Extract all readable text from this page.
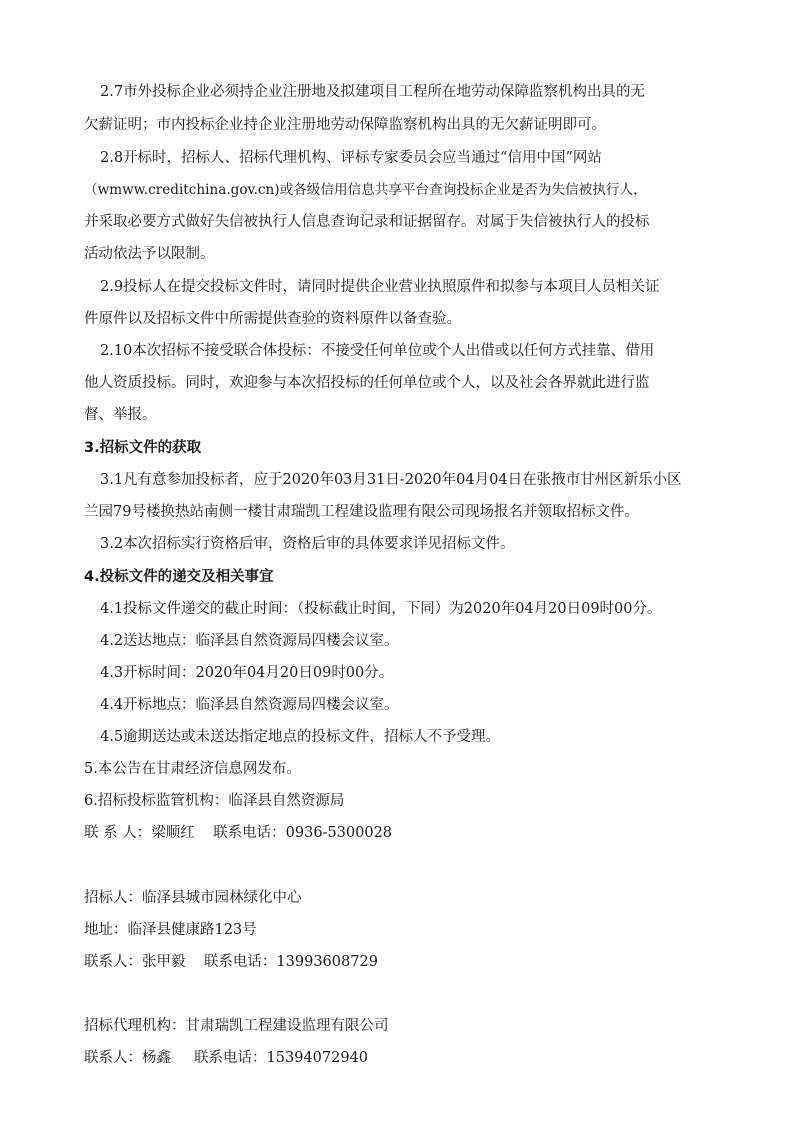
2.7市外投标企业必须持企业注册地及拟建项目工程所在地劳动保障监察机构出具的无
欠薪证明；市内投标企业持企业注册地劳动保障监察机构出具的无欠薪证明即可。
2.8开标时，招标人、招标代理机构、评标专家委员会应当通过“信用中国”网站
（wmww.creditchina.gov.cn)或各级信用信息共享平台查询投标企业是否为失信被执行人，
并采取必要方式做好失信被执行人信息查询记录和证据留存。对属于失信被执行人的投标
活动依法予以限制。
2.9投标人在提交投标文件时，请同时提供企业营业执照原件和拟参与本项目人员相关证
件原件以及招标文件中所需提供查验的资料原件以备查验。
2.10本次招标不接受联合体投标：不接受任何单位或个人出借或以任何方式挂靠、借用
他人资质投标。同时，欢迎参与本次招投标的任何单位或个人，以及社会各界就此进行监
督、举报。
3.招标文件的获取
3.1凡有意参加投标者，应于2020年03月31日-2020年04月04日在张掖市甘州区新乐小区
兰园79号楼换热站南侧一楼甘肃瑞凯工程建设监理有限公司现场报名并领取招标文件。
3.2本次招标实行资格后审，资格后审的具体要求详见招标文件。
4.投标文件的递交及相关事宜
4.1投标文件递交的截止时间：（投标截止时间，下同）为2020年04月20日09时00分。
4.2送达地点：临泽县自然资源局四楼会议室。
4.3开标时间：2020年04月20日09时00分。
4.4开标地点：临泽县自然资源局四楼会议室。
4.5逾期送达或未送达指定地点的投标文件，招标人不予受理。
5.本公告在甘肃经济信息网发布。
6.招标投标监管机构：临泽县自然资源局
联 系 人：梁顺红    联系电话：0936-5300028
招标人：临泽县城市园林绿化中心
地址：临泽县健康路123号
联系人：张甲毅    联系电话：13993608729
招标代理机构：甘肃瑞凯工程建设监理有限公司
联系人：杨鑫     联系电话：15394072940
